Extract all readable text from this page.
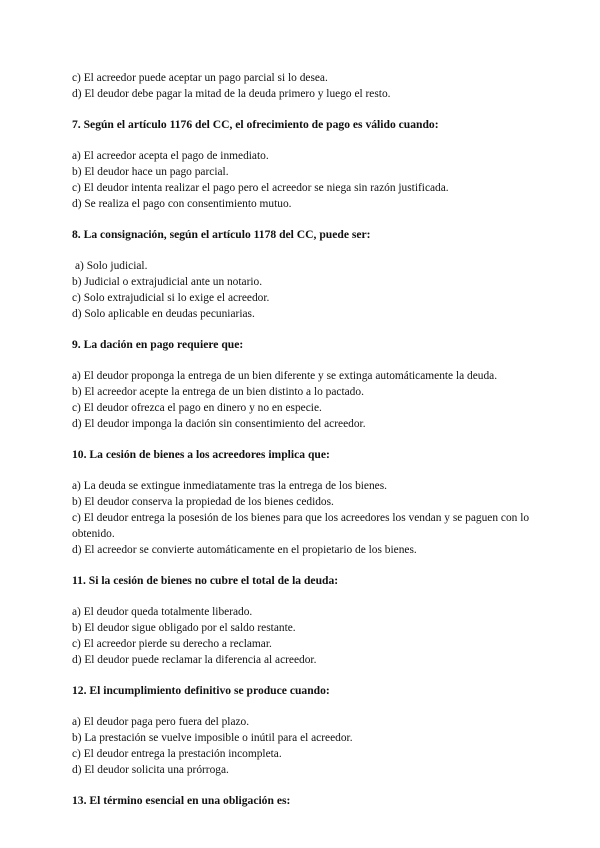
c) El acreedor puede aceptar un pago parcial si lo desea.
d) El deudor debe pagar la mitad de la deuda primero y luego el resto.
7. Según el artículo 1176 del CC, el ofrecimiento de pago es válido cuando:
a) El acreedor acepta el pago de inmediato.
b) El deudor hace un pago parcial.
c) El deudor intenta realizar el pago pero el acreedor se niega sin razón justificada.
d) Se realiza el pago con consentimiento mutuo.
8. La consignación, según el artículo 1178 del CC, puede ser:
a) Solo judicial.
b) Judicial o extrajudicial ante un notario.
c) Solo extrajudicial si lo exige el acreedor.
d) Solo aplicable en deudas pecuniarias.
9. La dación en pago requiere que:
a) El deudor proponga la entrega de un bien diferente y se extinga automáticamente la deuda.
b) El acreedor acepte la entrega de un bien distinto a lo pactado.
c) El deudor ofrezca el pago en dinero y no en especie.
d) El deudor imponga la dación sin consentimiento del acreedor.
10. La cesión de bienes a los acreedores implica que:
a) La deuda se extingue inmediatamente tras la entrega de los bienes.
b) El deudor conserva la propiedad de los bienes cedidos.
c) El deudor entrega la posesión de los bienes para que los acreedores los vendan y se paguen con lo obtenido.
d) El acreedor se convierte automáticamente en el propietario de los bienes.
11. Si la cesión de bienes no cubre el total de la deuda:
a) El deudor queda totalmente liberado.
b) El deudor sigue obligado por el saldo restante.
c) El acreedor pierde su derecho a reclamar.
d) El deudor puede reclamar la diferencia al acreedor.
12. El incumplimiento definitivo se produce cuando:
a) El deudor paga pero fuera del plazo.
b) La prestación se vuelve imposible o inútil para el acreedor.
c) El deudor entrega la prestación incompleta.
d) El deudor solicita una prórroga.
13. El término esencial en una obligación es:
